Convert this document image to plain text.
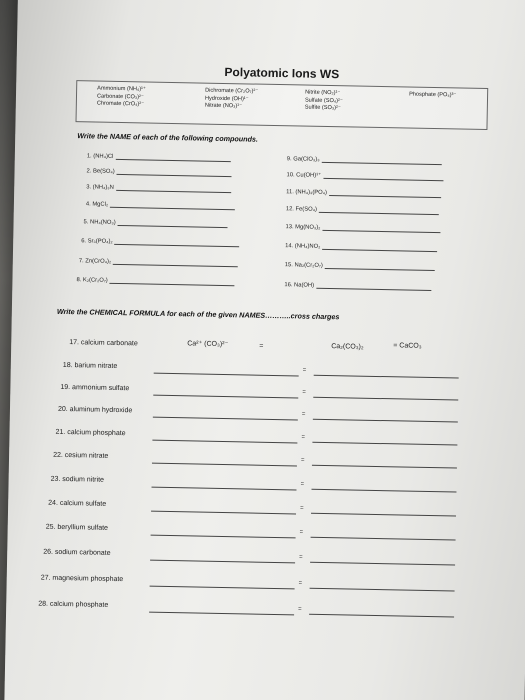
Polyatomic Ions WS
Ammonium (NH₄)¹⁺
Carbonate (CO₃)²⁻
Chromate (CrO₄)²⁻
Dichromate (Cr₂O₇)²⁻
Hydroxide (OH)¹⁻
Nitrate (NO₃)¹⁻
Nitrite (NO₂)¹⁻
Sulfate (SO₄)²⁻
Sulfite (SO₃)²⁻
Phosphate (PO₄)³⁻
Write the NAME of each of the following compounds.
1. (NH₄)Cl
2. Be(SO₄)
3. (NH₄)₃N
4. MgCl₂
5. NH₄(NO₃)
6. Sr₃(PO₄)₂
7. Zn(CrO₄)₂
8. K₂(Cr₂O₇)
9. Ga(ClO₃)₃
10. Cu(OH)¹⁺
11. (NH₄)₃(PO₄)
12. Fe(SO₄)
13. Mg(NO₃)₂
14. (NH₄)NO₂
15. Na₂(Cr₂O₇)
16. Na(OH)
Write the CHEMICAL FORMULA for each of the given NAMES………..cross charges
17. calcium carbonate	Ca²⁺ (CO₃)²⁻	=	Ca₂(CO₃)₂	= CaCO₃
18. barium nitrate
=
19. ammonium sulfate
=
20. aluminum hydroxide
=
21. calcium phosphate
=
22. cesium nitrate
=
23. sodium nitrite
=
24. calcium sulfate
=
25. beryllium sulfate
=
26. sodium carbonate
=
27. magnesium phosphate
=
28. calcium phosphate
=
